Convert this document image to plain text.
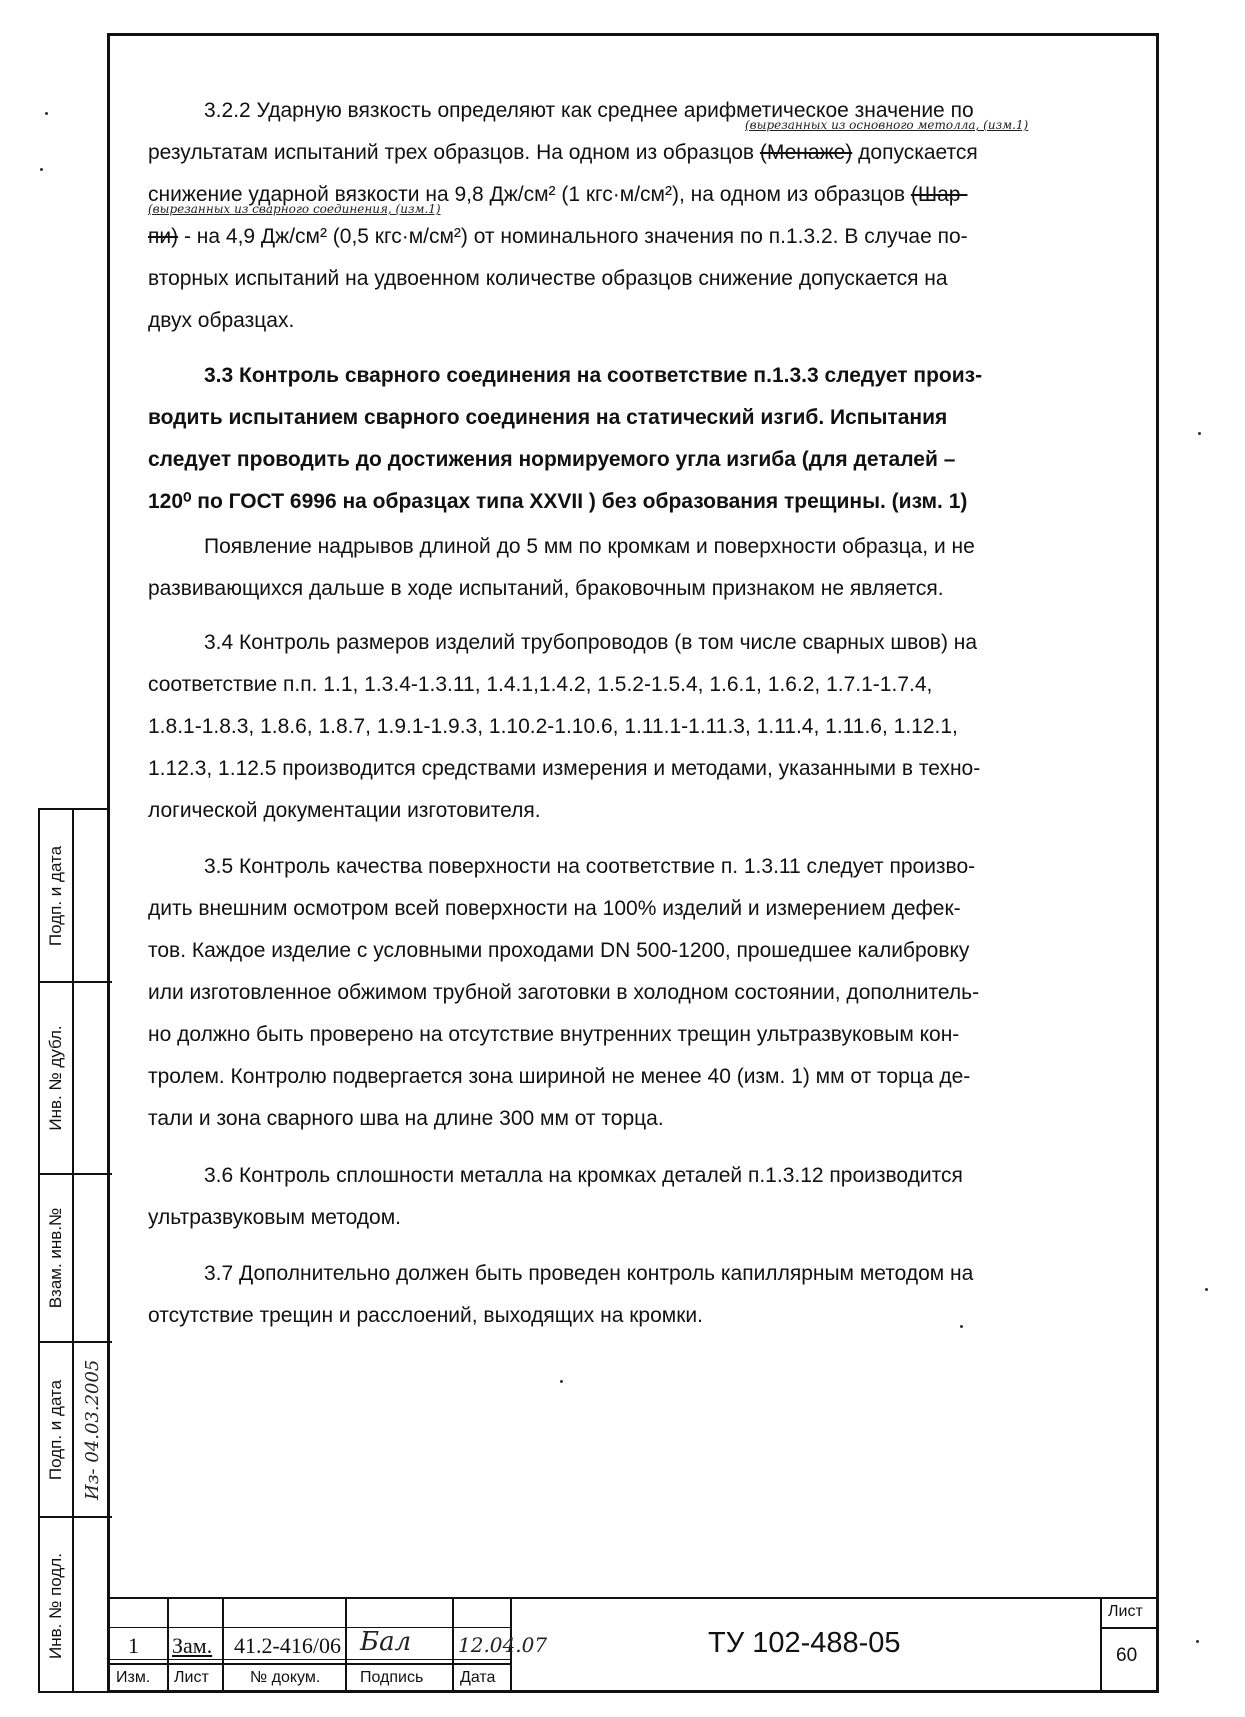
3.2.2 Ударную вязкость определяют как среднее арифметическое значение по
результатам испытаний трех образцов. На одном из образцов (Менаже) допускается
снижение ударной вязкости на 9,8 Дж/см² (1 кгс·м/см²), на одном из образцов (Шар-
пи) - на 4,9 Дж/см² (0,5 кгс·м/см²) от номинального значения по п.1.3.2. В случае по-
вторных испытаний на удвоенном количестве образцов снижение допускается на
двух образцах.
(вырезанных из основного метолла, (изм.1)
(вырезанных из сварного соединения, (изм.1)
3.3 Контроль сварного соединения на соответствие п.1.3.3 следует произ-
водить испытанием сварного соединения на статический изгиб. Испытания
следует проводить до достижения нормируемого угла изгиба (для деталей –
120⁰ по ГОСТ 6996 на образцах типа XXVII ) без образования трещины. (изм. 1)
Появление надрывов длиной до 5 мм по кромкам и поверхности образца, и не
развивающихся дальше в ходе испытаний, браковочным признаком не является.
3.4 Контроль размеров изделий трубопроводов (в том числе сварных швов) на
соответствие п.п. 1.1, 1.3.4-1.3.11, 1.4.1,1.4.2, 1.5.2-1.5.4, 1.6.1, 1.6.2, 1.7.1-1.7.4,
1.8.1-1.8.3, 1.8.6, 1.8.7, 1.9.1-1.9.3, 1.10.2-1.10.6, 1.11.1-1.11.3, 1.11.4, 1.11.6, 1.12.1,
1.12.3, 1.12.5 производится средствами измерения и методами, указанными в техно-
логической документации изготовителя.
3.5 Контроль качества поверхности на соответствие п. 1.3.11 следует произво-
дить внешним осмотром всей поверхности на 100% изделий и измерением дефек-
тов. Каждое изделие с условными проходами DN 500-1200, прошедшее калибровку
или изготовленное обжимом трубной заготовки в холодном состоянии, дополнитель-
но должно быть проверено на отсутствие внутренних трещин ультразвуковым кон-
тролем. Контролю подвергается зона шириной не менее 40 (изм. 1) мм от торца де-
тали и зона сварного шва на длине 300 мм от торца.
3.6 Контроль сплошности металла на кромках деталей п.1.3.12 производится
ультразвуковым методом.
3.7 Дополнительно должен быть проведен контроль капиллярным методом на
отсутствие трещин и расслоений, выходящих на кромки.
Подп. и дата
Инв. № дубл.
Взам. инв.№
Подп. и дата
Инв. № подл.
Из- 04.03.2005
1 Зам. 41.2-416/06 Бал 12.04.07
Изм. Лист	№ докум. Подпись Дата
ТУ 102-488-05
Лист
60
